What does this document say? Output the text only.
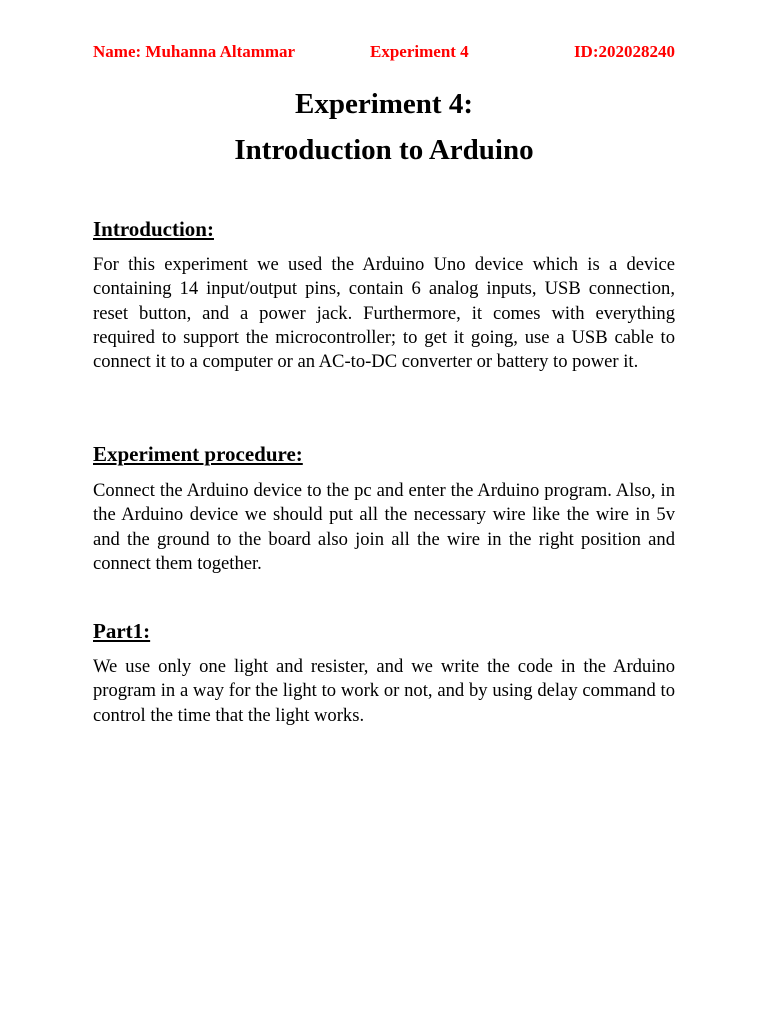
Name: Muhanna Altammar	Experiment 4	ID:202028240
Experiment 4:
Introduction to Arduino
Introduction:

For this experiment we used the Arduino Uno device which is a device containing 14 input/output pins, contain 6 analog inputs, USB connection, reset button, and a power jack. Furthermore, it comes with everything required to support the microcontroller; to get it going, use a USB cable to connect it to a computer or an AC-to-DC converter or battery to power it.

Experiment procedure:

Connect the Arduino device to the pc and enter the Arduino program. Also, in the Arduino device we should put all the necessary wire like the wire in 5v and the ground to the board also join all the wire in the right position and connect them together.

Part1:

We use only one light and resister, and we write the code in the Arduino program in a way for the light to work or not, and by using delay command to control the time that the light works.
